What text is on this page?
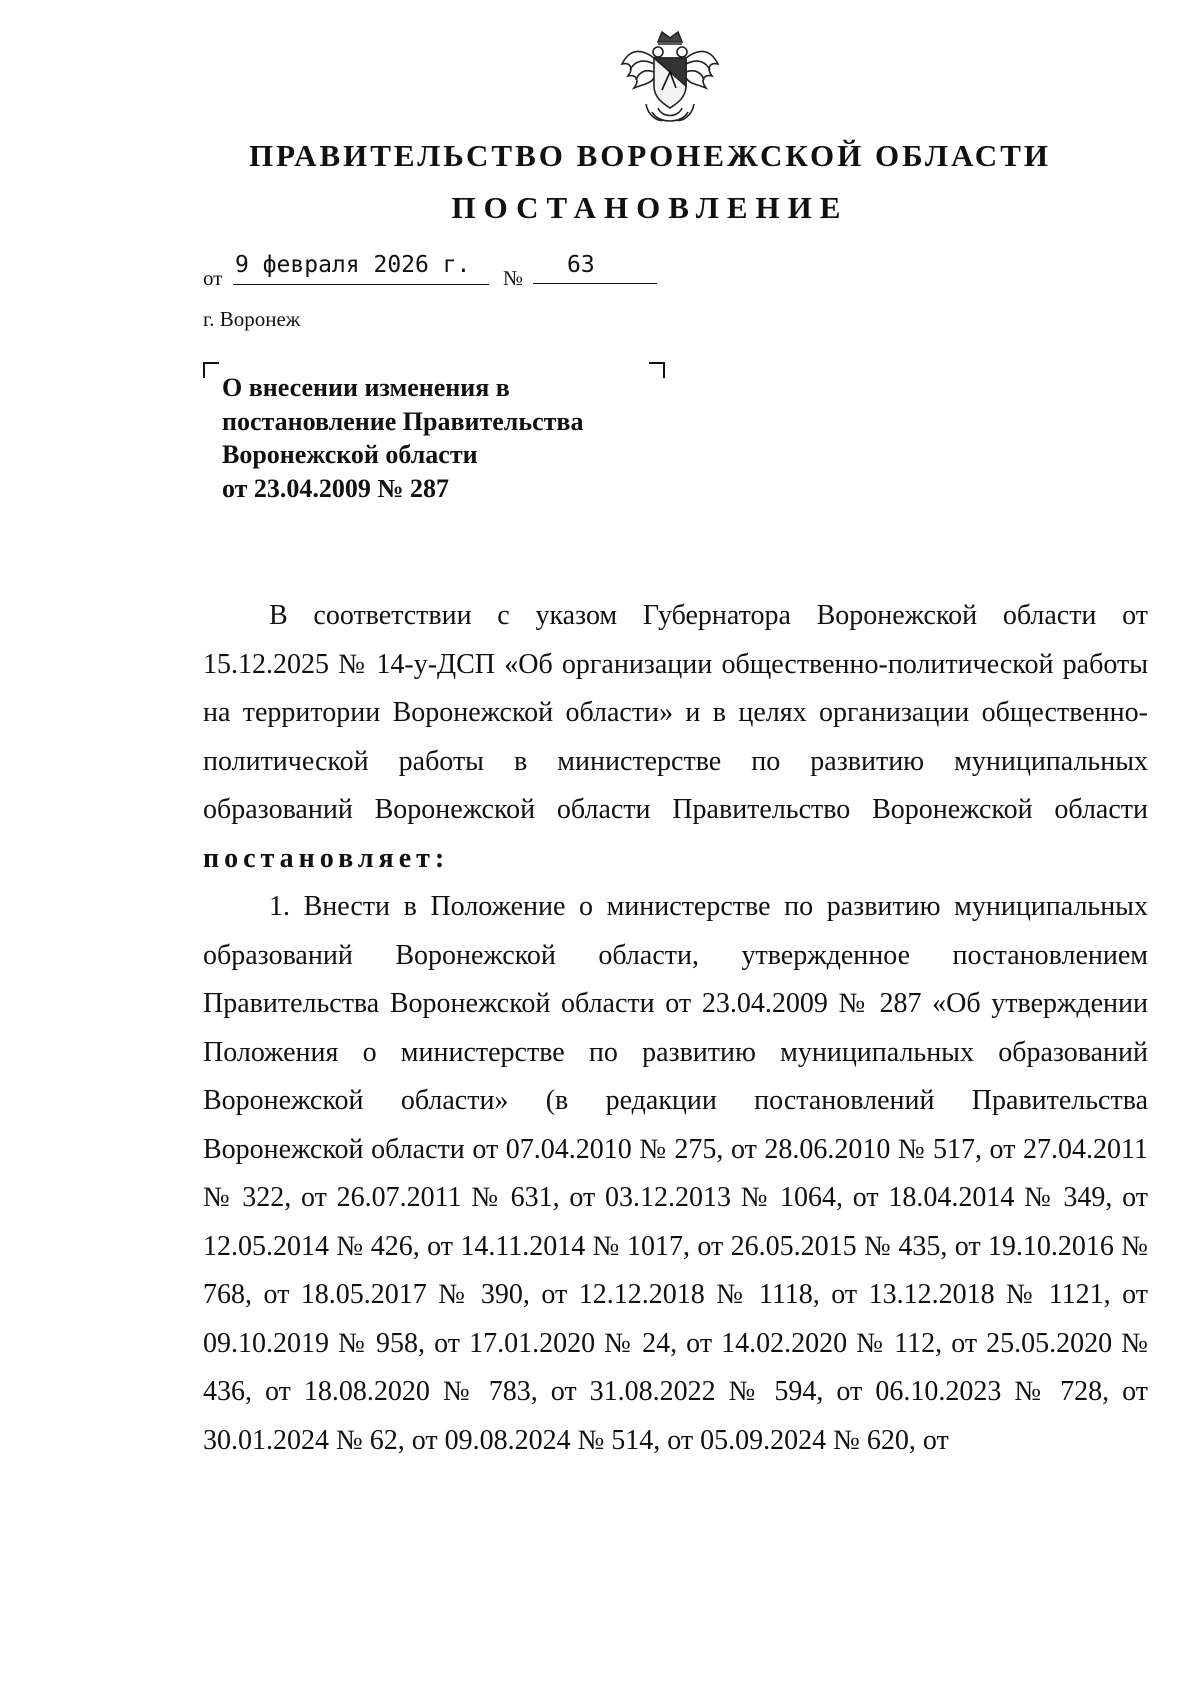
ПРАВИТЕЛЬСТВО ВОРОНЕЖСКОЙ ОБЛАСТИ
ПОСТАНОВЛЕНИЕ
от 9 февраля 2026 г.	№	63
г. Воронеж
О внесении изменения в
постановление Правительства
Воронежской области
от 23.04.2009 № 287

В соответствии с указом Губернатора Воронежской области от 15.12.2025 № 14-у-ДСП «Об организации общественно-политической работы на территории Воронежской области» и в целях организации общественно-политической работы в министерстве по развитию муниципальных образований Воронежской области Правительство Воронежской области постановляет:

1. Внести в Положение о министерстве по развитию муниципальных образований Воронежской области, утвержденное постановлением Правительства Воронежской области от 23.04.2009 № 287 «Об утверждении Положения о министерстве по развитию муниципальных образований Воронежской области» (в редакции постановлений Правительства Воронежской области от 07.04.2010 № 275, от 28.06.2010 № 517, от 27.04.2011 № 322, от 26.07.2011 № 631, от 03.12.2013 № 1064, от 18.04.2014 № 349, от 12.05.2014 № 426, от 14.11.2014 № 1017, от 26.05.2015 № 435, от 19.10.2016 № 768, от 18.05.2017 № 390, от 12.12.2018 № 1118, от 13.12.2018 № 1121, от 09.10.2019 № 958, от 17.01.2020 № 24, от 14.02.2020 № 112, от 25.05.2020 № 436, от 18.08.2020 № 783, от 31.08.2022 № 594, от 06.10.2023 № 728, от 30.01.2024 № 62, от 09.08.2024 № 514, от 05.09.2024 № 620, от
